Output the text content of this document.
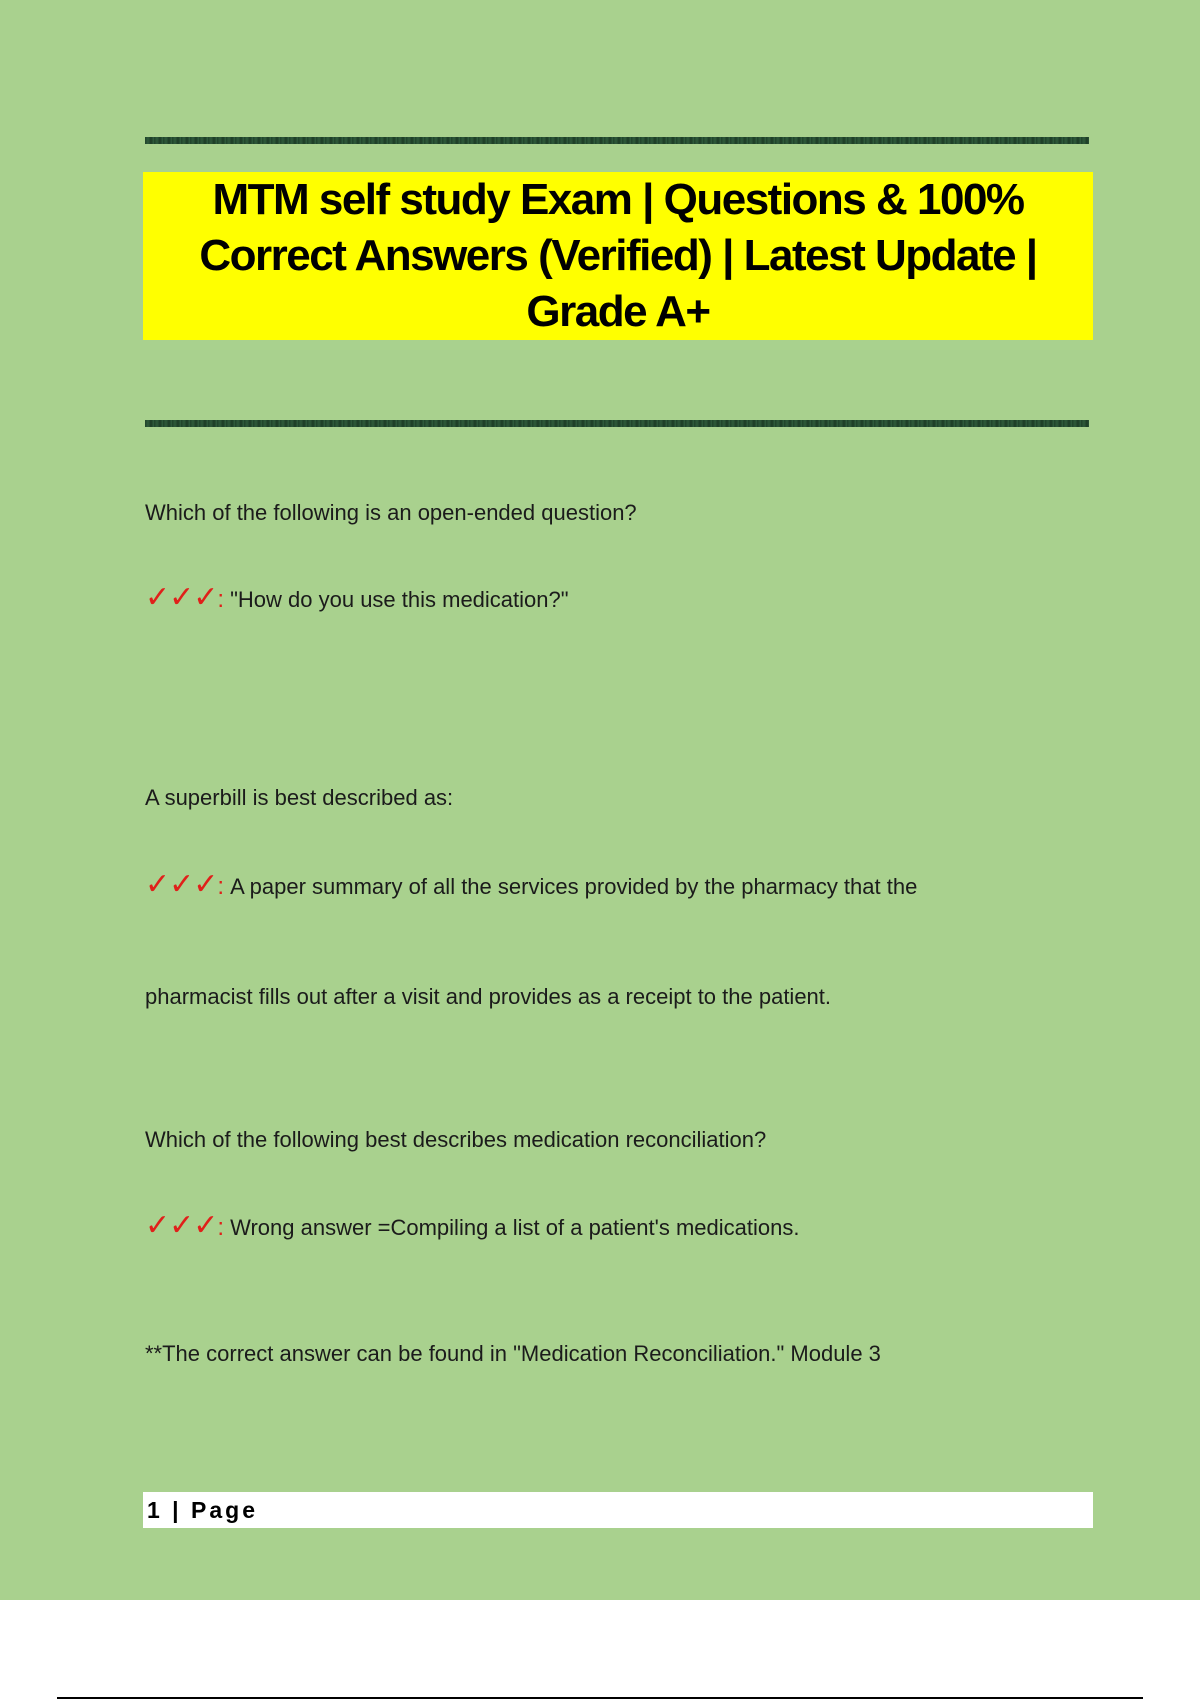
MTM self study Exam | Questions & 100% Correct Answers (Verified) | Latest Update | Grade A+

Which of the following is an open-ended question?

✓✓✓ : "How do you use this medication?"

A superbill is best described as:

✓✓✓ : A paper summary of all the services provided by the pharmacy that the

pharmacist fills out after a visit and provides as a receipt to the patient.

Which of the following best describes medication reconciliation?

✓✓✓ : Wrong answer =Compiling a list of a patient's medications.

**The correct answer can be found in "Medication Reconciliation." Module 3

1 | Page
